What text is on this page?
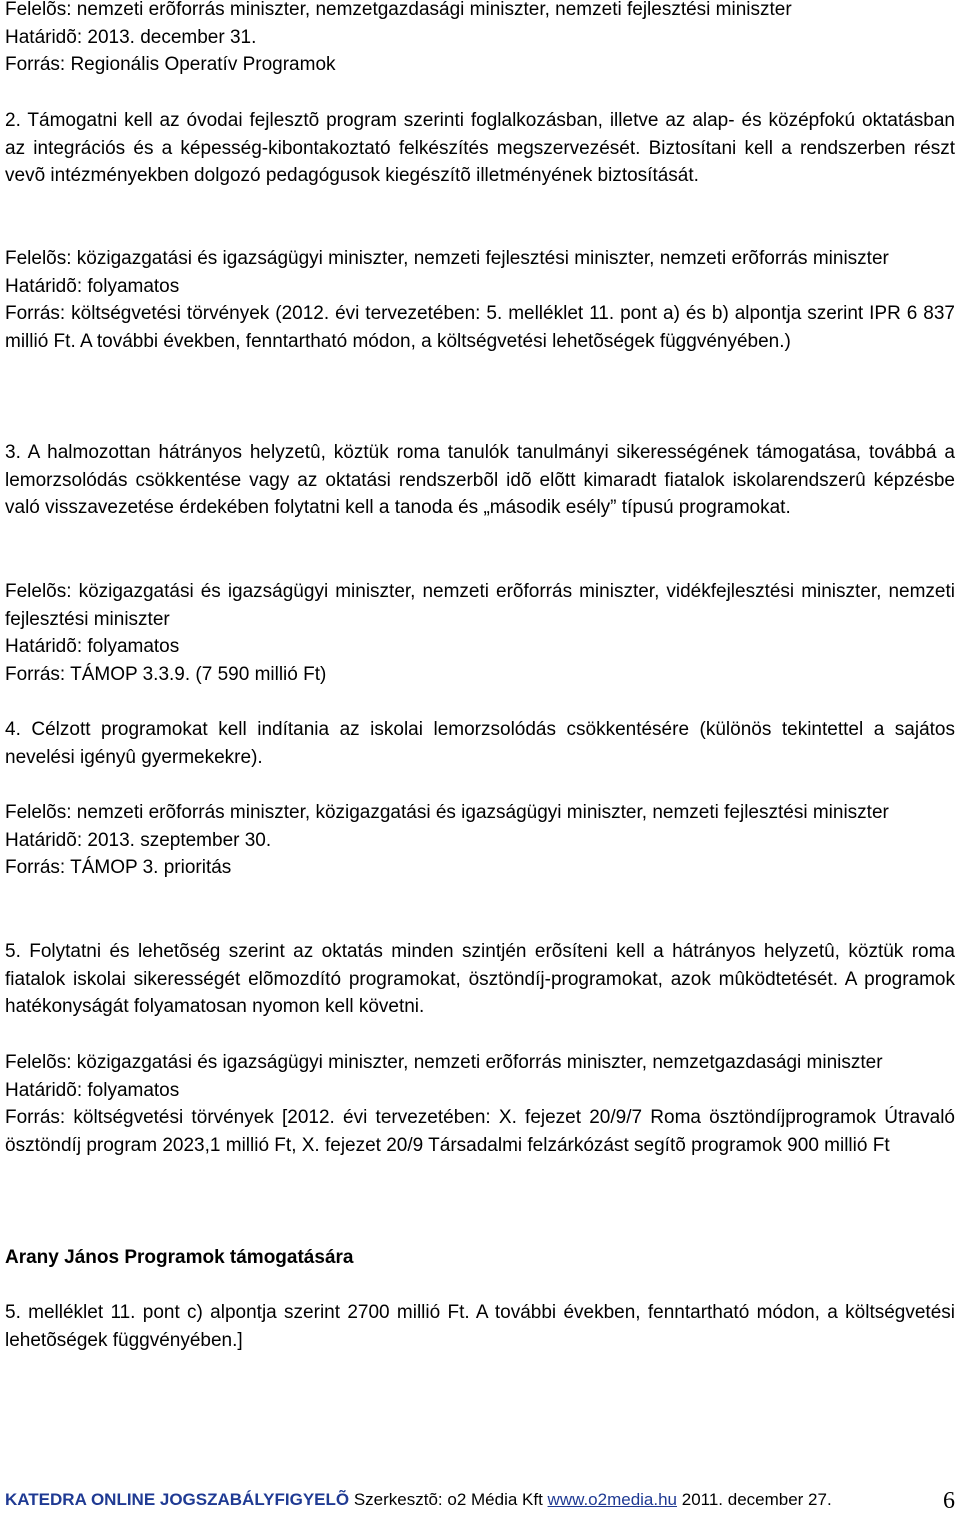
Felelõs: nemzeti erõforrás miniszter, nemzetgazdasági miniszter, nemzeti fejlesztési miniszter
Határidõ: 2013. december 31.
Forrás: Regionális Operatív Programok

2. Támogatni kell az óvodai fejlesztõ program szerinti foglalkozásban, illetve az alap- és középfokú oktatásban az integrációs és a képesség-kibontakoztató felkészítés megszervezését. Biztosítani kell a rendszerben részt vevõ intézményekben dolgozó pedagógusok kiegészítõ illetményének biztosítását.

Felelõs: közigazgatási és igazságügyi miniszter, nemzeti fejlesztési miniszter, nemzeti erõforrás miniszter
Határidõ: folyamatos
Forrás: költségvetési törvények (2012. évi tervezetében: 5. melléklet 11. pont a) és b) alpontja szerint IPR 6 837 millió Ft. A további években, fenntartható módon, a költségvetési lehetõségek függvényében.)

3. A halmozottan hátrányos helyzetû, köztük roma tanulók tanulmányi sikerességének támogatása, továbbá a lemorzsolódás csökkentése vagy az oktatási rendszerbõl idõ elõtt kimaradt fiatalok iskolarendszerû képzésbe való visszavezetése érdekében folytatni kell a tanoda és „második esély” típusú programokat.

Felelõs: közigazgatási és igazságügyi miniszter, nemzeti erõforrás miniszter, vidékfejlesztési miniszter, nemzeti fejlesztési miniszter
Határidõ: folyamatos
Forrás: TÁMOP 3.3.9. (7 590 millió Ft)

4. Célzott programokat kell indítania az iskolai lemorzsolódás csökkentésére (különös tekintettel a sajátos nevelési igényû gyermekekre).

Felelõs: nemzeti erõforrás miniszter, közigazgatási és igazságügyi miniszter, nemzeti fejlesztési miniszter
Határidõ: 2013. szeptember 30.
Forrás: TÁMOP 3. prioritás

5. Folytatni és lehetõség szerint az oktatás minden szintjén erõsíteni kell a hátrányos helyzetû, köztük roma fiatalok iskolai sikerességét elõmozdító programokat, ösztöndíj-programokat, azok mûködtetését. A programok hatékonyságát folyamatosan nyomon kell követni.

Felelõs: közigazgatási és igazságügyi miniszter, nemzeti erõforrás miniszter, nemzetgazdasági miniszter
Határidõ: folyamatos
Forrás: költségvetési törvények [2012. évi tervezetében: X. fejezet 20/9/7 Roma ösztöndíjprogramok Útravaló ösztöndíj program 2023,1 millió Ft, X. fejezet 20/9 Társadalmi felzárkózást segítõ programok 900 millió Ft
Arany János Programok támogatására

5. melléklet 11. pont c) alpontja szerint 2700 millió Ft. A további években, fenntartható módon, a költségvetési lehetõségek függvényében.]

KATEDRA ONLINE JOGSZABÁLYFIGYELÕ Szerkesztõ: o2 Média Kft www.o2media.hu 2011. december 27.	6
